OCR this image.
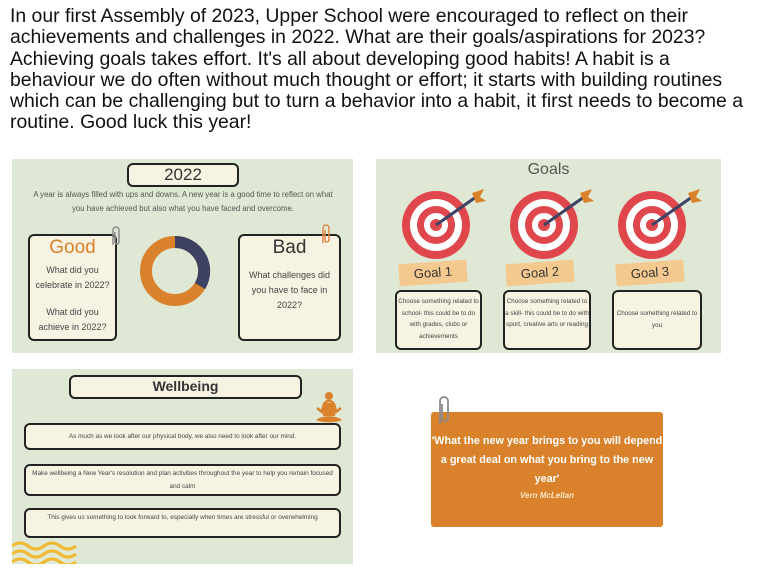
In our first Assembly of 2023, Upper School were encouraged to reflect on their achievements and challenges in 2022. What are their goals/aspirations for 2023? Achieving goals takes effort. It's all about developing good habits! A habit is a behaviour we do often without much thought or effort; it starts with building routines which can be challenging but to turn a behavior into a habit, it first needs to become a routine. Good luck this year!
2022
A year is always filled with ups and downs. A new year is a good time to reflect on what you have achieved but also what you have faced and overcome.
Good
What did you celebrate in 2022?
What did you achieve in 2022?
Bad
What challenges did you have to face in 2022?
Goals
Goal 1	Goal 2	Goal 3
Choose something related to school- this could be to do with grades, clubs or achievements
Choose something related to a skill- this could be to do with sport, creative arts or reading
Choose something related to you
Wellbeing
As much as we look after our physical body, we also need to look after our mind.
Make wellbeing a New Year's resolution and plan activities throughout the year to help you remain focused and calm
This gives us something to look forward to, especially when times are stressful or overwhelming
'What the new year brings to you will depend a great deal on what you bring to the new year'
Vern McLellan
